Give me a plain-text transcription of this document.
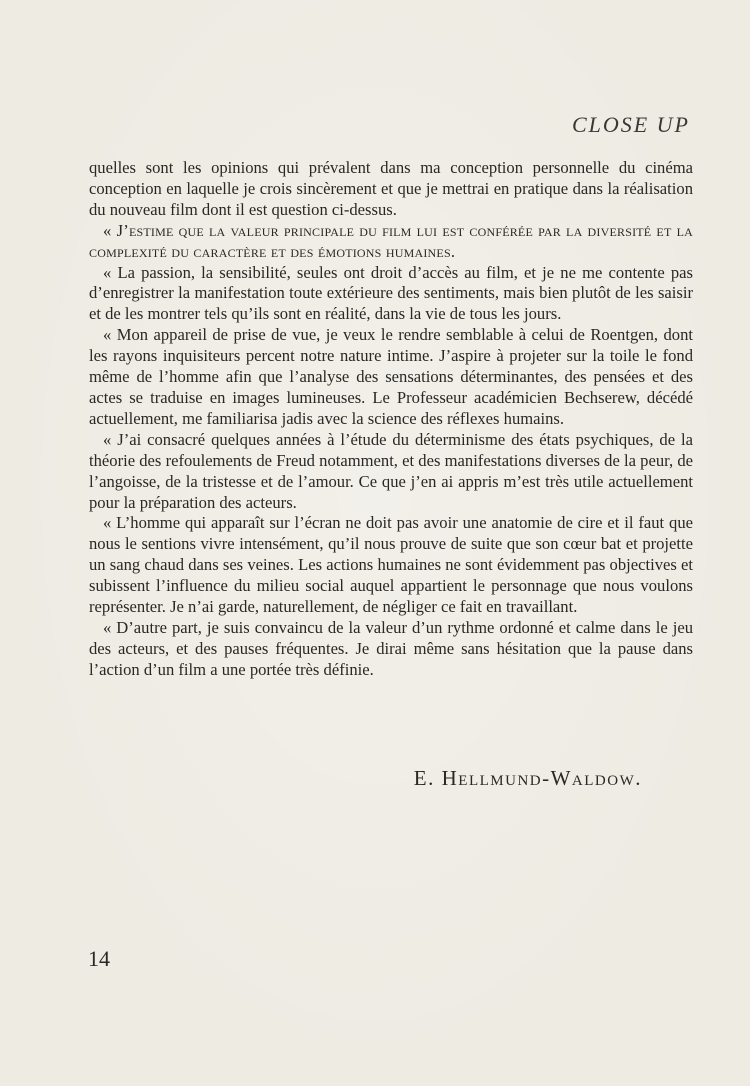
CLOSE UP

quelles sont les opinions qui prévalent dans ma conception personnelle du cinéma conception en laquelle je crois sincèrement et que je mettrai en pratique dans la réalisation du nouveau film dont il est question ci-dessus.

« J’estime que la valeur principale du film lui est conférée par la diversité et la complexité du caractère et des émotions humaines.

« La passion, la sensibilité, seules ont droit d’accès au film, et je ne me contente pas d’enregistrer la manifestation toute extérieure des sentiments, mais bien plutôt de les saisir et de les montrer tels qu’ils sont en réalité, dans la vie de tous les jours.

« Mon appareil de prise de vue, je veux le rendre semblable à celui de Roentgen, dont les rayons inquisiteurs percent notre nature intime. J’aspire à projeter sur la toile le fond même de l’homme afin que l’analyse des sensations déterminantes, des pensées et des actes se traduise en images lumineuses. Le Professeur académicien Bechserew, décédé actuellement, me familiarisa jadis avec la science des réflexes humains.

« J’ai consacré quelques années à l’étude du déterminisme des états psychiques, de la théorie des refoulements de Freud notamment, et des manifestations diverses de la peur, de l’angoisse, de la tristesse et de l’amour. Ce que j’en ai appris m’est très utile actuellement pour la préparation des acteurs.

« L’homme qui apparaît sur l’écran ne doit pas avoir une anatomie de cire et il faut que nous le sentions vivre intensément, qu’il nous prouve de suite que son cœur bat et projette un sang chaud dans ses veines. Les actions humaines ne sont évidemment pas objectives et subissent l’influence du milieu social auquel appartient le personnage que nous voulons représenter. Je n’ai garde, naturellement, de négliger ce fait en travaillant.

« D’autre part, je suis convaincu de la valeur d’un rythme ordonné et calme dans le jeu des acteurs, et des pauses fréquentes. Je dirai même sans hésitation que la pause dans l’action d’un film a une portée très définie.

E. Hellmund-Waldow.
14
